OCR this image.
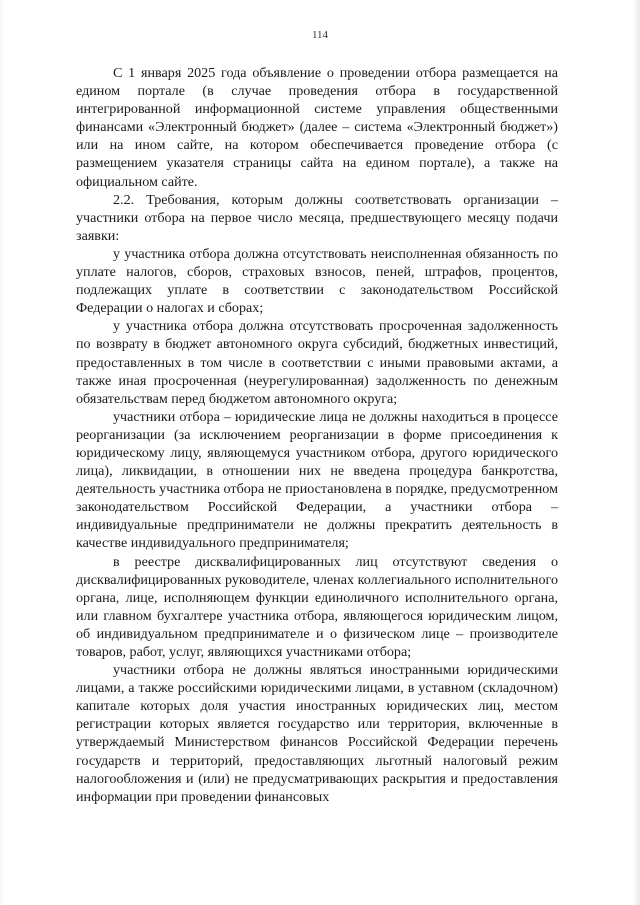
114

С 1 января 2025 года объявление о проведении отбора размещается на едином портале (в случае проведения отбора в государственной интегрированной информационной системе управления общественными финансами «Электронный бюджет» (далее – система «Электронный бюджет») или на ином сайте, на котором обеспечивается проведение отбора (с размещением указателя страницы сайта на едином портале), а также на официальном сайте.

2.2. Требования, которым должны соответствовать организации – участники отбора на первое число месяца, предшествующего месяцу подачи заявки:

у участника отбора должна отсутствовать неисполненная обязанность по уплате налогов, сборов, страховых взносов, пеней, штрафов, процентов, подлежащих уплате в соответствии с законодательством Российской Федерации о налогах и сборах;

у участника отбора должна отсутствовать просроченная задолженность по возврату в бюджет автономного округа субсидий, бюджетных инвестиций, предоставленных в том числе в соответствии с иными правовыми актами, а также иная просроченная (неурегулированная) задолженность по денежным обязательствам перед бюджетом автономного округа;

участники отбора – юридические лица не должны находиться в процессе реорганизации (за исключением реорганизации в форме присоединения к юридическому лицу, являющемуся участником отбора, другого юридического лица), ликвидации, в отношении них не введена процедура банкротства, деятельность участника отбора не приостановлена в порядке, предусмотренном законодательством Российской Федерации, а участники отбора – индивидуальные предприниматели не должны прекратить деятельность в качестве индивидуального предпринимателя;

в реестре дисквалифицированных лиц отсутствуют сведения о дисквалифицированных руководителе, членах коллегиального исполнительного органа, лице, исполняющем функции единоличного исполнительного органа, или главном бухгалтере участника отбора, являющегося юридическим лицом, об индивидуальном предпринимателе и о физическом лице – производителе товаров, работ, услуг, являющихся участниками отбора;

участники отбора не должны являться иностранными юридическими лицами, а также российскими юридическими лицами, в уставном (складочном) капитале которых доля участия иностранных юридических лиц, местом регистрации которых является государство или территория, включенные в утверждаемый Министерством финансов Российской Федерации перечень государств и территорий, предоставляющих льготный налоговый режим налогообложения и (или) не предусматривающих раскрытия и предоставления информации при проведении финансовых
